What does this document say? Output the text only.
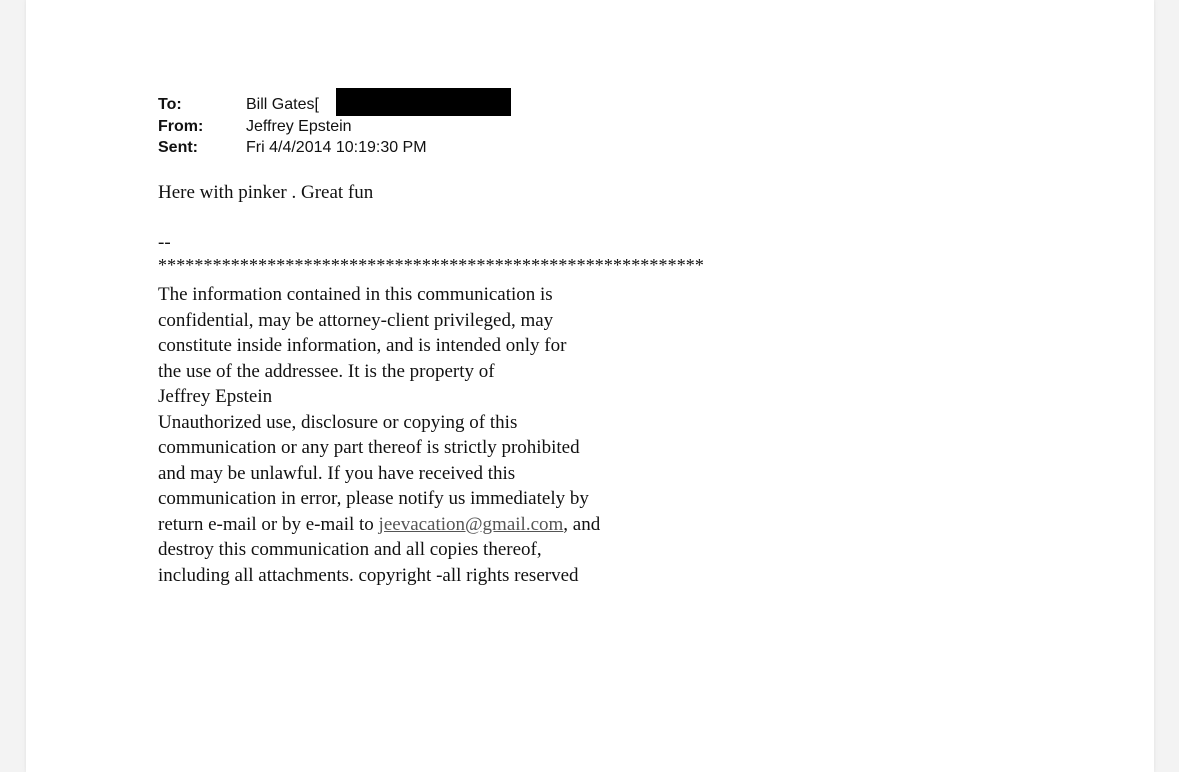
To:	Bill Gates[
From:	Jeffrey Epstein
Sent:	Fri 4/4/2014 10:19:30 PM
Here with pinker . Great fun
--
************************************************************
The information contained in this communication is
confidential, may be attorney-client privileged, may
constitute inside information, and is intended only for
the use of the addressee. It is the property of
Jeffrey Epstein
Unauthorized use, disclosure or copying of this
communication or any part thereof is strictly prohibited
and may be unlawful. If you have received this
communication in error, please notify us immediately by
return e-mail or by e-mail to jeevacation@gmail.com, and
destroy this communication and all copies thereof,
including all attachments. copyright -all rights reserved
